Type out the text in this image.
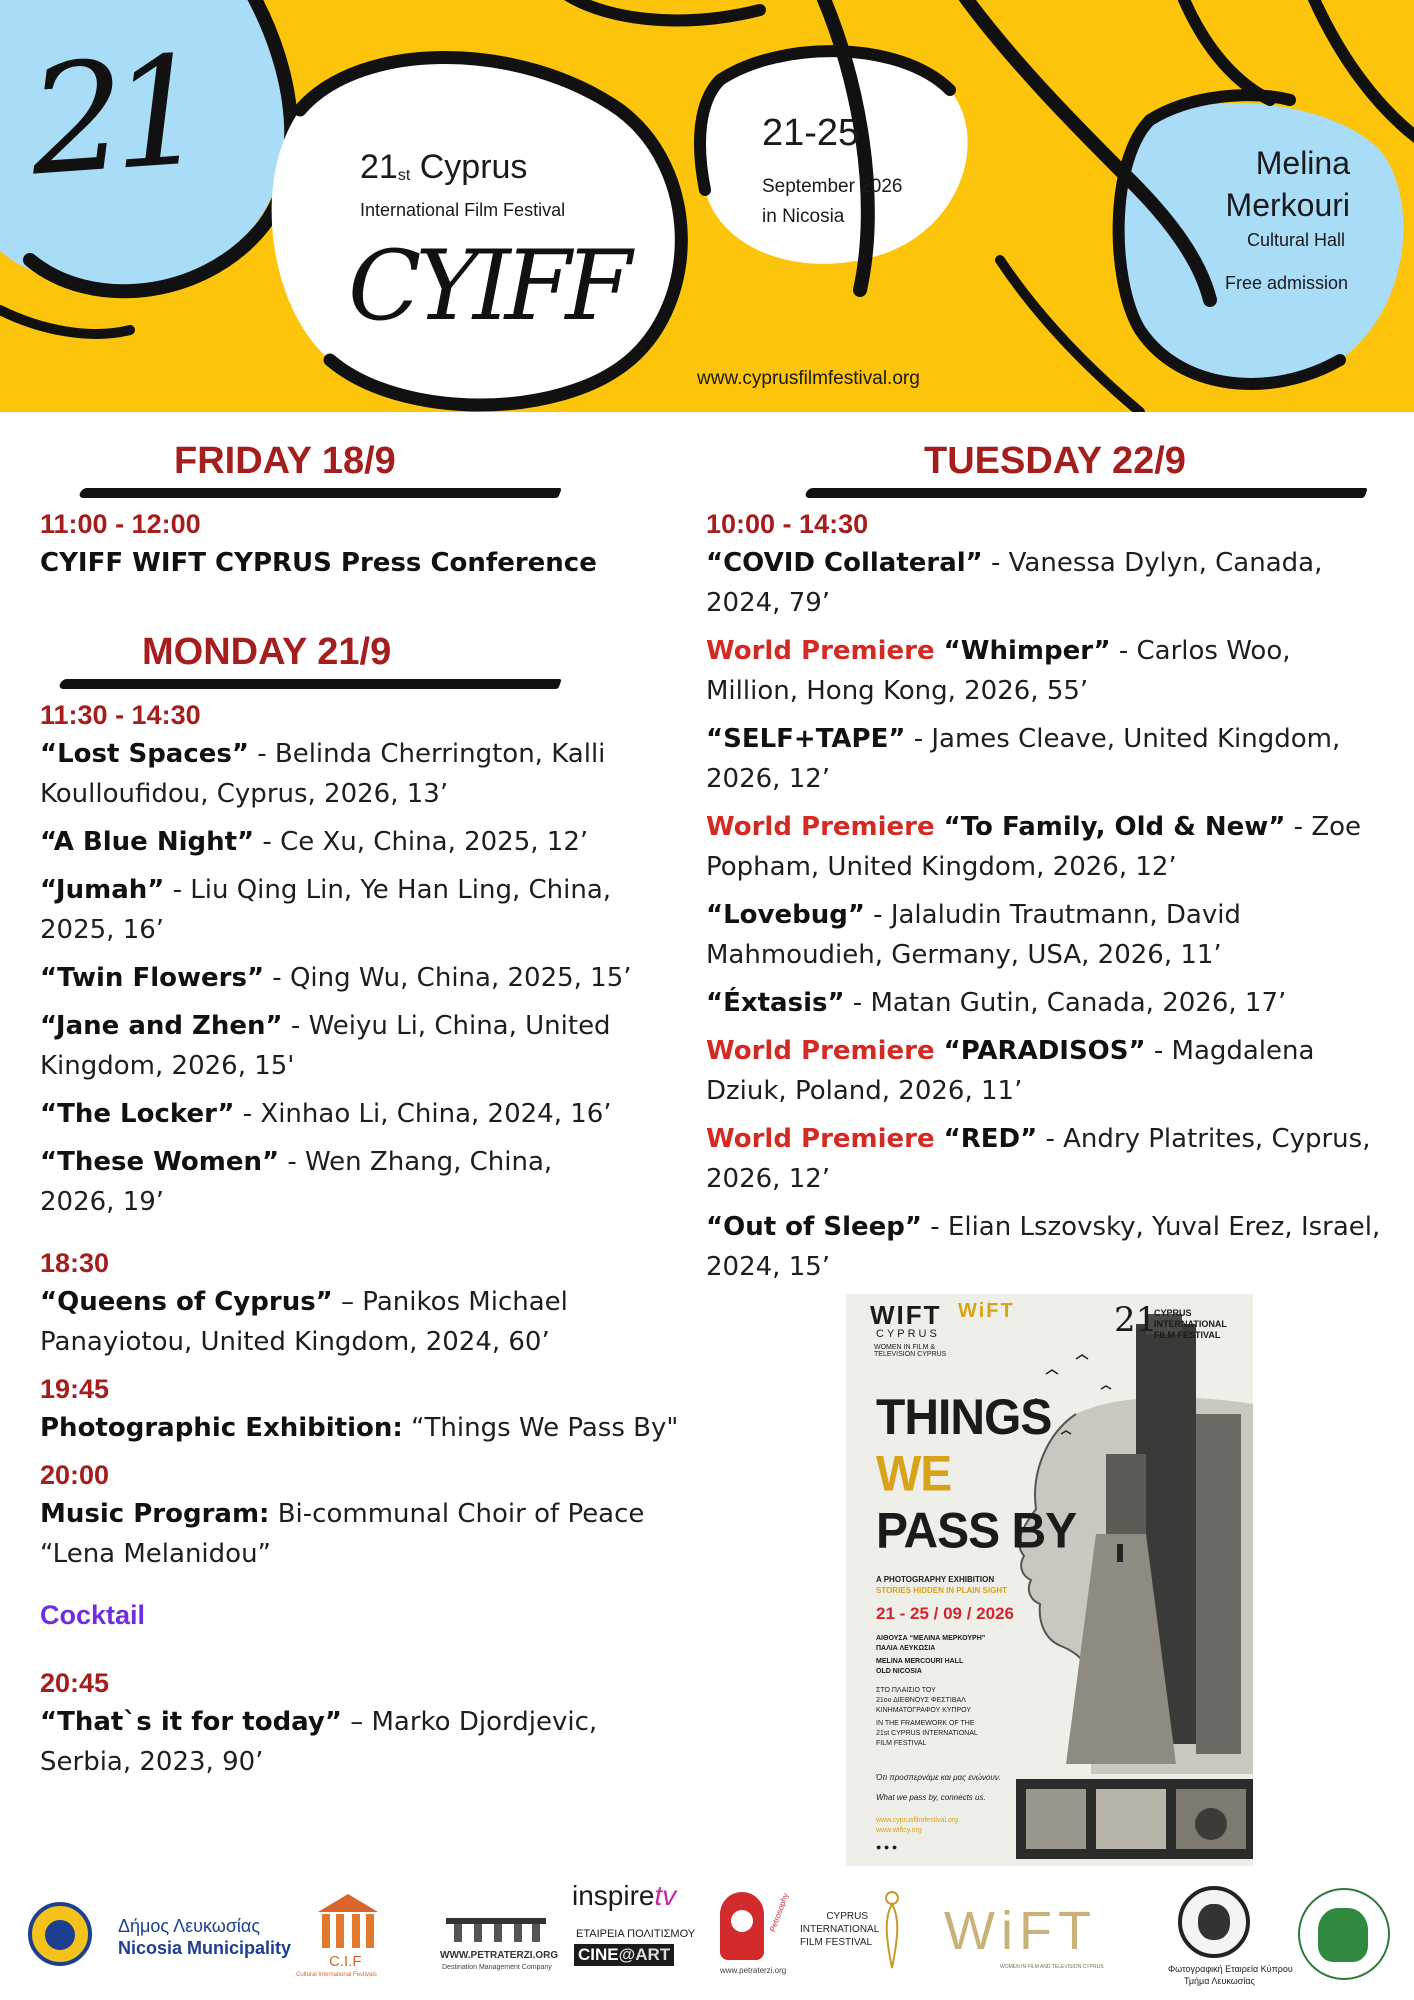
21	$21_{st}$ Cyprus
International Film Festival
CYIFF
21-25
September 2026
in Nicosia
Melina
Merkouri
Cultural Hall
Free admission
www.cyprusfilmfestival.org
FRIDAY 18/9
11:00 - 12:00
CYIFF WIFT CYPRUS Press Conference
MONDAY 21/9
11:30 - 14:30
“Lost Spaces” - Belinda Cherrington, Kalli Koulloufidou, Cyprus, 2026, 13’
“A Blue Night” - Ce Xu, China, 2025, 12’
“Jumah” - Liu Qing Lin, Ye Han Ling, China, 2025, 16’
“Twin Flowers” - Qing Wu, China, 2025, 15’
“Jane and Zhen” - Weiyu Li, China, United Kingdom, 2026, 15'
“The Locker” - Xinhao Li, China, 2024, 16’
“These Women” - Wen Zhang, China, 2026, 19’
18:30
“Queens of Cyprus” – Panikos Michael Panayiotou, United Kingdom, 2024, 60’
19:45
Photographic Exhibition: “Things We Pass By"
20:00
Music Program: Bi-communal Choir of Peace “Lena Melanidou”
Cocktail
20:45
“That`s it for today” – Marko Djordjevic, Serbia, 2023, 90’
TUESDAY 22/9
10:00 - 14:30
“COVID Collateral” - Vanessa Dylyn, Canada, 2024, 79’
World Premiere “Whimper” - Carlos Woo, Million, Hong Kong, 2026, 55’
“SELF+TAPE” - James Cleave, United Kingdom, 2026, 12’
World Premiere “To Family, Old & New” - Zoe Popham, United Kingdom, 2026, 12’
“Lovebug” - Jalaludin Trautmann, David Mahmoudieh, Germany, USA, 2026, 11’
“Éxtasis” - Matan Gutin, Canada, 2026, 17’
World Premiere “PARADISOS” - Magdalena Dziuk, Poland, 2026, 11’
World Premiere “RED” - Andry Platrites, Cyprus, 2026, 12’
“Out of Sleep” - Elian Lszovsky, Yuval Erez, Israel, 2024, 15’
WIFT
CYPRUS
WOMEN IN FILM &
TELEVISION CYPRUS
WiFT	21
CYPRUS
INTERNATIONAL
FILM FESTIVAL
THINGS
WE
PASS BY
A PHOTOGRAPHY EXHIBITION
STORIES HIDDEN IN PLAIN SIGHT
21 - 25 / 09 / 2026
ΑΙΘΟΥΣΑ “ΜΕΛΙΝΑ ΜΕΡΚΟΥΡΗ”
ΠΑΛΙΑ ΛΕΥΚΩΣΙΑ
MELINA MERCOURI HALL
OLD NICOSIA
ΣΤΟ ΠΛΑΙΣΙΟ ΤΟΥ
21ου ΔΙΕΘΝΟΥΣ ΦΕΣΤΙΒΑΛ
ΚΙΝΗΜΑΤΟΓΡΑΦΟΥ ΚΥΠΡΟΥ
IN THE FRAMEWORK OF THE
21st CYPRUS INTERNATIONAL
FILM FESTIVAL
Ότι προσπερνάμε και μας ενώνουν.
What we pass by, connects us.
www.cyprusfilmfestival.org
www.wiftcy.org
● ● ●
Δήμος Λευκωσίας
Nicosia Municipality
C.I.F
Cultural International Festivals
WWW.PETRATERZI.ORG
Destination Management Company
inspiretv
ΕΤΑΙΡΕΙΑ ΠΟΛΙΤΙΣΜΟΥ
CINE@ART
Petrosophy
www.petraterzi.org
CYPRUS
INTERNATIONAL
FILM FESTIVAL WiFT
WOMEN IN FILM AND TELEVISION CYPRUS	Φωτογραφική Εταιρεία Κύπρου
Τμήμα Λευκωσίας
